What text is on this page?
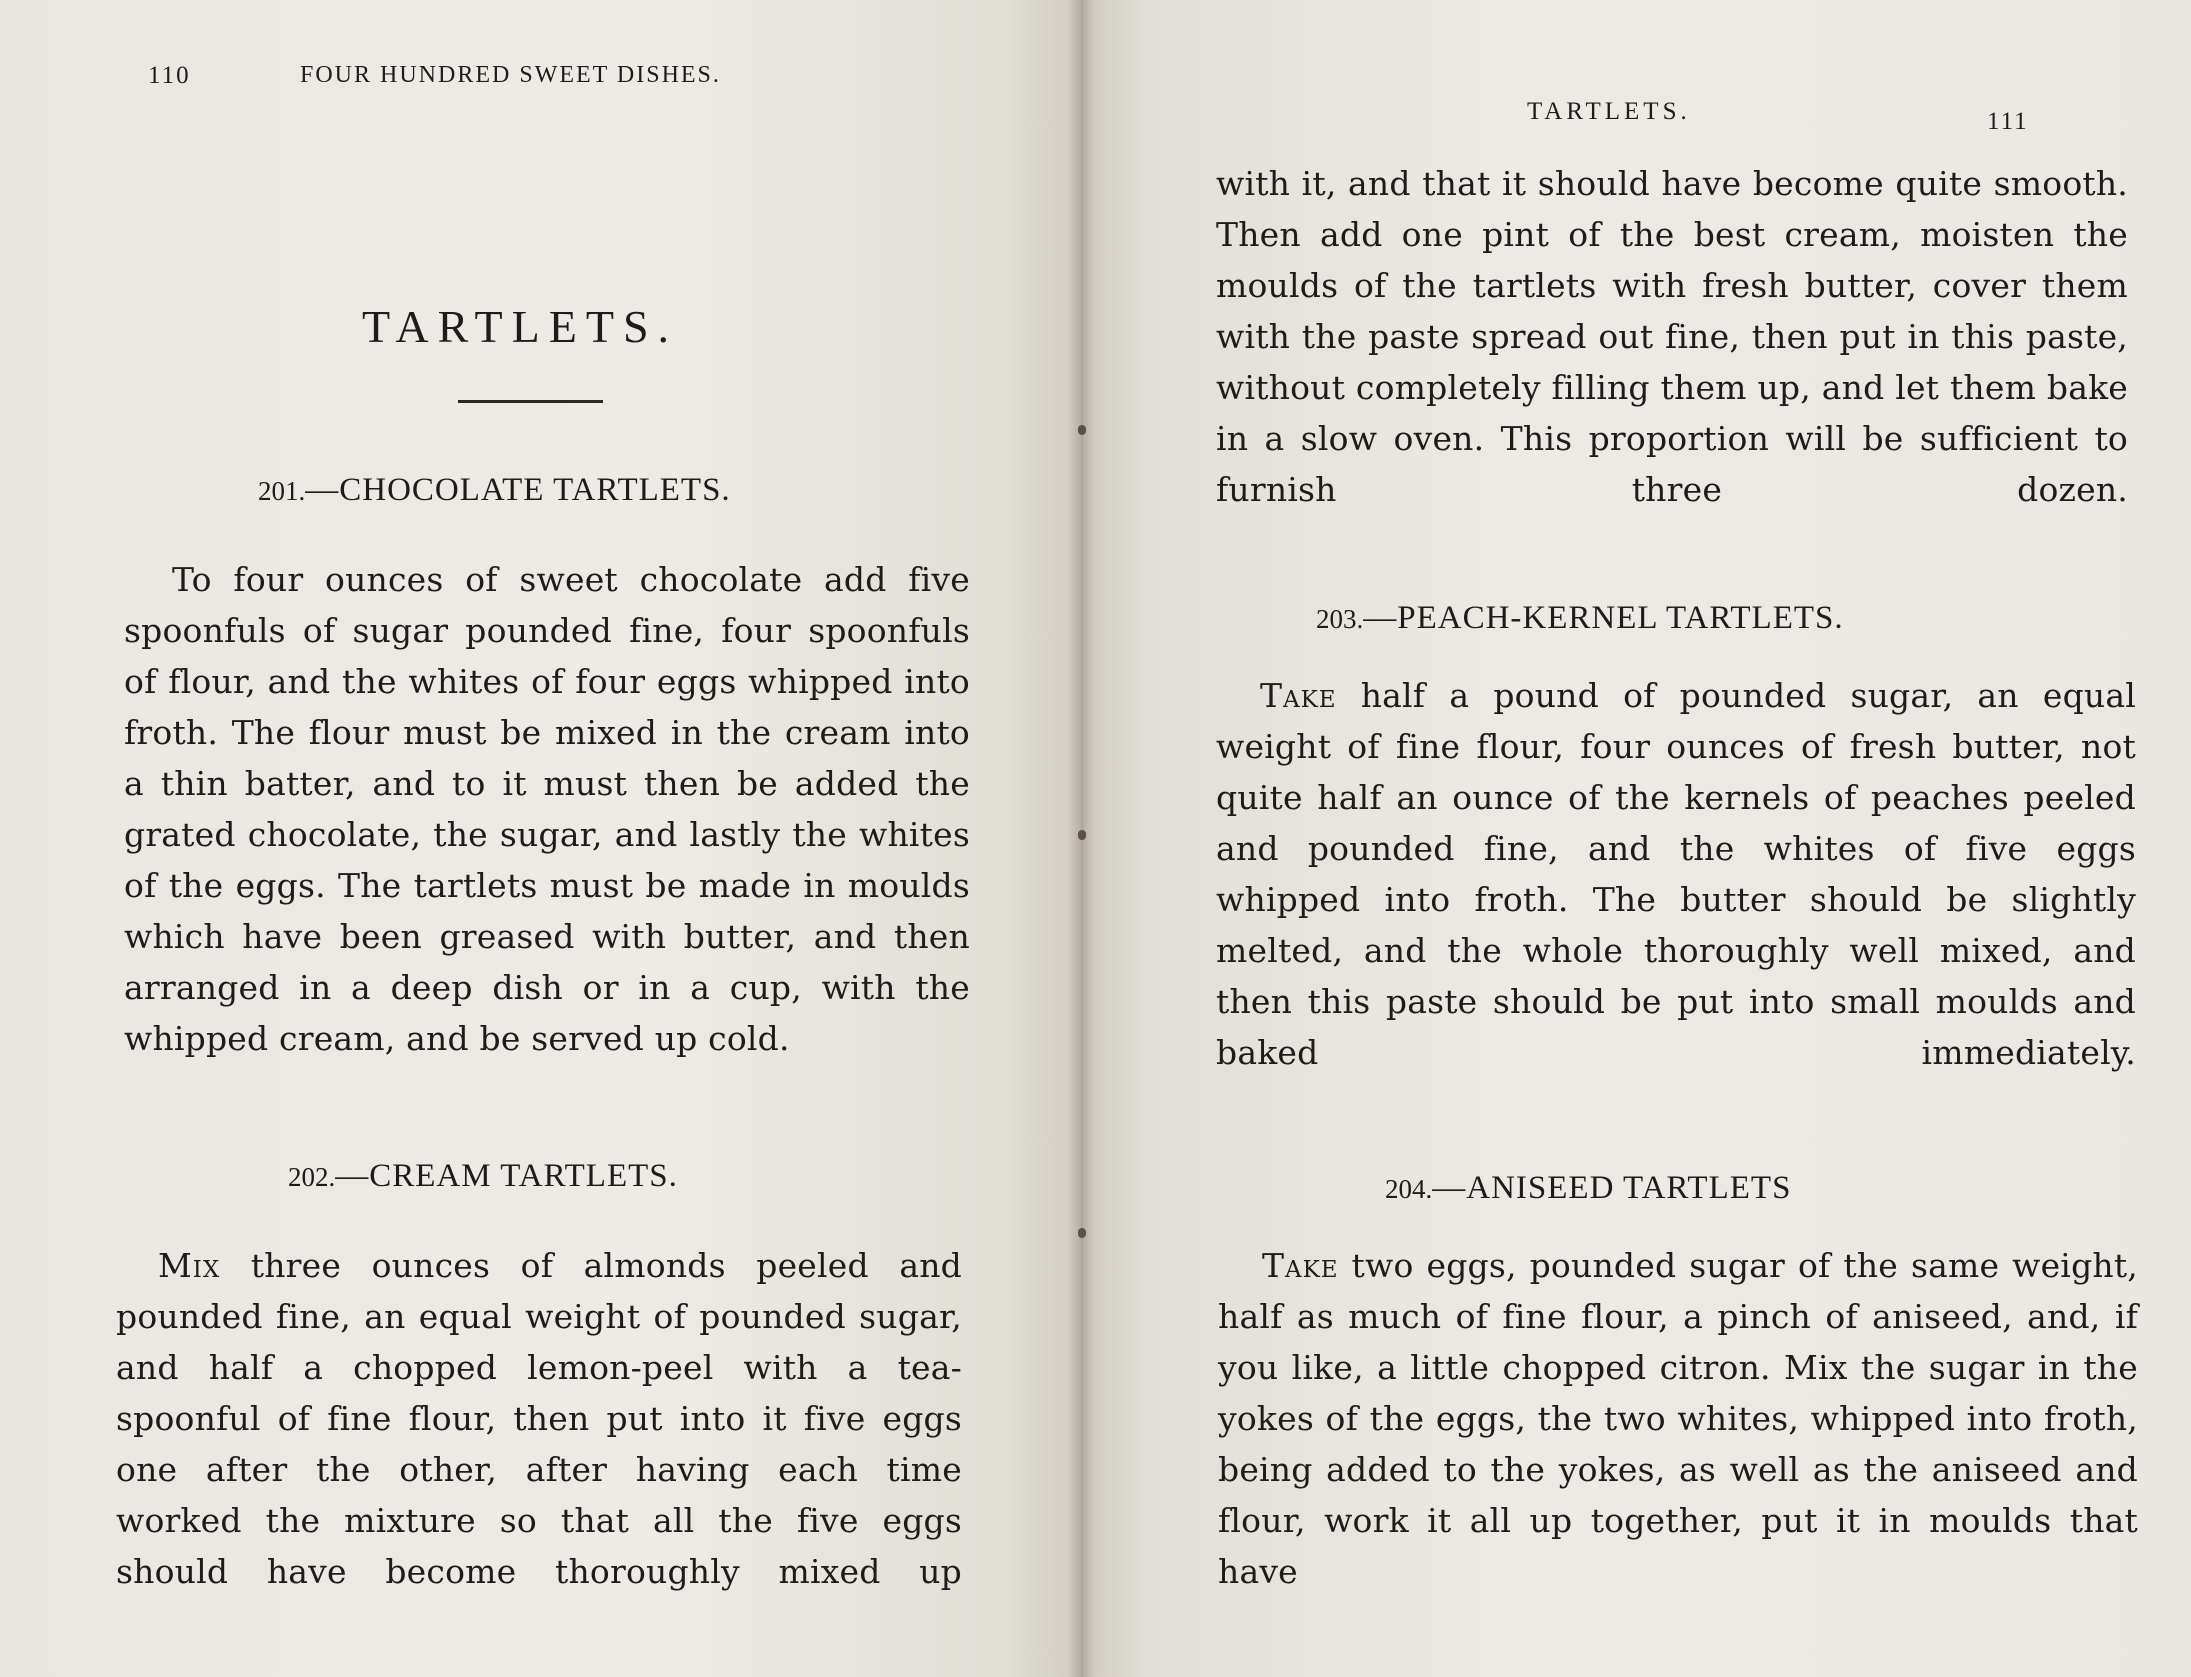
110	FOUR HUNDRED SWEET DISHES.
TARTLETS.
201.—CHOCOLATE TARTLETS.
To four ounces of sweet chocolate add five spoonfuls of sugar pounded fine, four spoonfuls of flour, and the whites of four eggs whipped into froth. The flour must be mixed in the cream into a thin batter, and to it must then be added the grated chocolate, the sugar, and lastly the whites of the eggs. The tartlets must be made in moulds which have been greased with butter, and then arranged in a deep dish or in a cup, with the whipped cream, and be served up cold.
202.—CREAM TARTLETS.
Mix three ounces of almonds peeled and pounded fine, an equal weight of pounded sugar, and half a chopped lemon-peel with a tea-spoonful of fine flour, then put into it five eggs one after the other, after having each time worked the mixture so that all the five eggs should have become thoroughly mixed up
TARTLETS.	111
with it, and that it should have become quite smooth. Then add one pint of the best cream, moisten the moulds of the tartlets with fresh butter, cover them with the paste spread out fine, then put in this paste, without completely filling them up, and let them bake in a slow oven. This proportion will be sufficient to furnish three dozen.
203.—PEACH-KERNEL TARTLETS.
Take half a pound of pounded sugar, an equal weight of fine flour, four ounces of fresh butter, not quite half an ounce of the kernels of peaches peeled and pounded fine, and the whites of five eggs whipped into froth. The butter should be slightly melted, and the whole thoroughly well mixed, and then this paste should be put into small moulds and baked immediately.
204.—ANISEED TARTLETS
Take two eggs, pounded sugar of the same weight, half as much of fine flour, a pinch of aniseed, and, if you like, a little chopped citron. Mix the sugar in the yokes of the eggs, the two whites, whipped into froth, being added to the yokes, as well as the aniseed and flour, work it all up together, put it in moulds that have
